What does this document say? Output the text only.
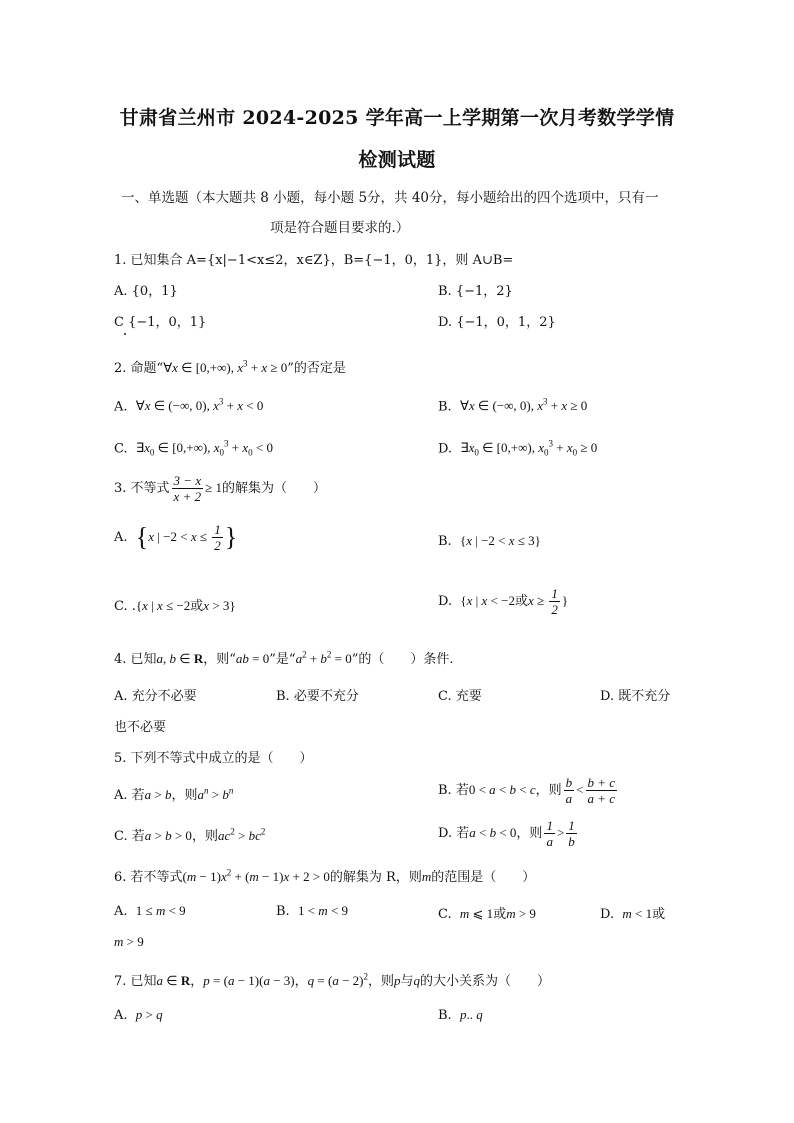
甘肃省兰州市 2024-2025 学年高一上学期第一次月考数学学情
检测试题
一、单选题（本大题共 8 小题，每小题 5分，共 40分，每小题给出的四个选项中，只有一
项是符合题目要求的.）
1. 已知集合 A={x|−1<x≤2，x∈Z}，B={−1，0，1}，则 A∪B=
A. {0，1}	B. {−1，2}
C {−1，0，1}	D. {−1，0，1，2}
2. 命题“∀x ∈ [0,+∞), $x^3 + x \ge 0$”的否定是
A. ∀x ∈ (−∞, 0), $x^3 + x < 0$	B. ∀x ∈ (−∞, 0), $x^3 + x \ge 0$
C. $\exists x_0$ ∈ [0,+∞), $x_0^3 + x_0 < 0$	D. $\exists x_0$ ∈ [0,+∞), $x_0^3 + x_0 \ge 0$
3. 不等式 $\frac{3 - x}{x + 2} \ge 1$的解集为（　　）
A. {x | $-2 < x \le \frac{1}{2}$ }	B. {x | −2 < x ≤ 3}
C. .{x | x ≤ −2或x > 3}	D. {x | x < −2或$x \ge \frac{1}{2}$ }
4. 已知a, b ∈ R，则“ab = 0”是“$a^2 + b^2 = 0$”的（　　）条件.
A. 充分不必要	B. 必要不充分	C. 充要	D. 既不充分
也不必要
5. 下列不等式中成立的是（　　）
A. 若a > b，则$a^n > b^n$	B. 若0 < a < b < c，则 $\frac{b}{a} < \frac{b + c}{a + c}$
C. 若a > b > 0，则$ac^2 > bc^2$	D. 若a < b < 0，则 $\frac{1}{a} > \frac{1}{b}$
6. 若不等式$(m - 1)x^2 + (m - 1)x + 2 > 0$的解集为 R，则m的范围是（　　）
A. 1 ≤ m < 9	B. 1 < m < 9	C. m ⩽ 1或m > 9	D. m < 1或
m > 9
7. 已知a ∈ R，p = (a − 1)(a − 3)，$q = (a - 2)^2$，则p与q的大小关系为（　　）
A. p > q	B. p.. q
